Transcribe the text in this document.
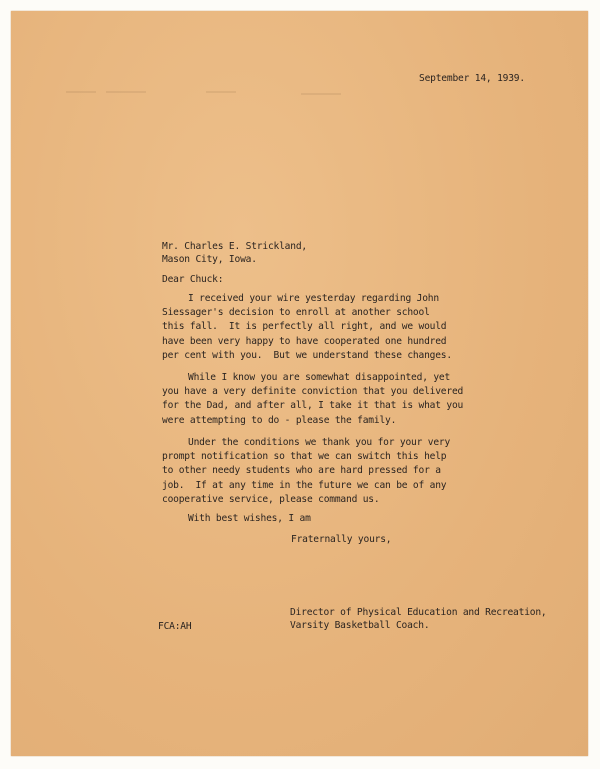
September 14, 1939.
Mr. Charles E. Strickland,
Mason City, Iowa.
Dear Chuck:
I received your wire yesterday regarding John
Siessager's decision to enroll at another school
this fall.  It is perfectly all right, and we would
have been very happy to have cooperated one hundred
per cent with you.  But we understand these changes.
While I know you are somewhat disappointed, yet
you have a very definite conviction that you delivered
for the Dad, and after all, I take it that is what you
were attempting to do - please the family.
Under the conditions we thank you for your very
prompt notification so that we can switch this help
to other needy students who are hard pressed for a
job.  If at any time in the future we can be of any
cooperative service, please command us.
With best wishes, I am
Fraternally yours,
FCA:AH
Director of Physical Education and Recreation,
Varsity Basketball Coach.
